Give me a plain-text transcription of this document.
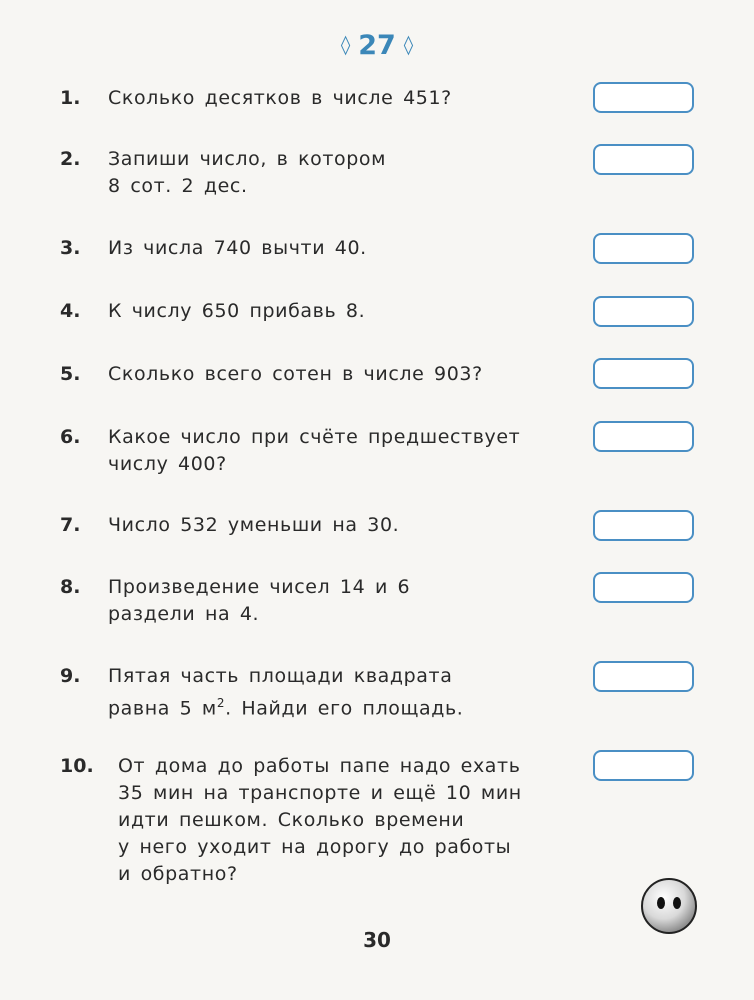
◊ 27 ◊
1. Сколько десятков в числе 451?
2. Запиши число, в котором
8 сот. 2 дес.
3. Из числа 740 вычти 40.
4. К числу 650 прибавь 8.
5. Сколько всего сотен в числе 903?
6. Какое число при счёте предшествует
числу 400?
7. Число 532 уменьши на 30.
8. Произведение чисел 14 и 6
раздели на 4.
9. Пятая часть площади квадрата
равна 5 $м^2$. Найди его площадь.
10. От дома до работы папе надо ехать
35 мин на транспорте и ещё 10 мин
идти пешком. Сколько времени
у него уходит на дорогу до работы
и обратно?
30
